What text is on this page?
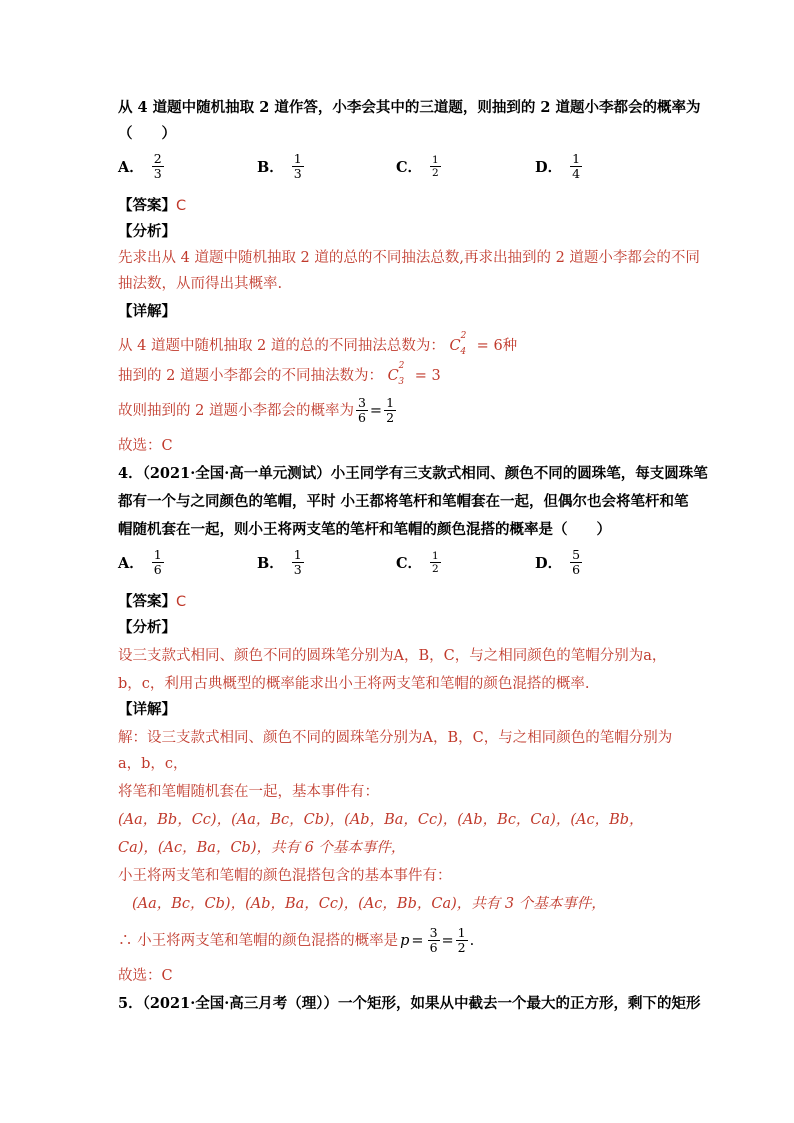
从 4 道题中随机抽取 2 道作答，小李会其中的三道题，则抽到的 2 道题小李都会的概率为
（　　）
A． $\frac{2}{3}$	B． $\frac{1}{3}$	C． $\frac{1}{2}$	D． $\frac{1}{4}$
【答案】C
【分析】
先求出从 4 道题中随机抽取 2 道的总的不同抽法总数,再求出抽到的 2 道题小李都会的不同
抽法数，从而得出其概率.
【详解】
从 4 道题中随机抽取 2 道的总的不同抽法总数为： $C^2_4 = 6$种
抽到的 2 道题小李都会的不同抽法数为： $C^2_3 = 3$
故则抽到的 2 道题小李都会的概率为 $\frac{3}{6} = \frac{1}{2}$
故选：C
4．（2021·全国·高一单元测试）小王同学有三支款式相同、颜色不同的圆珠笔，每支圆珠笔
都有一个与之同颜色的笔帽，平时 小王都将笔杆和笔帽套在一起，但偶尔也会将笔杆和笔
帽随机套在一起，则小王将两支笔的笔杆和笔帽的颜色混搭的概率是（　　）
A． $\frac{1}{6}$	B． $\frac{1}{3}$	C． $\frac{1}{2}$	D． $\frac{5}{6}$
【答案】C
【分析】
设三支款式相同、颜色不同的圆珠笔分别为A，B，C，与之相同颜色的笔帽分别为a，
b，c，利用古典概型的概率能求出小王将两支笔和笔帽的颜色混搭的概率.
【详解】
解：设三支款式相同、颜色不同的圆珠笔分别为A，B，C，与之相同颜色的笔帽分别为
a，b，c，
将笔和笔帽随机套在一起，基本事件有：
(Aa，Bb，Cc)，(Aa，Bc，Cb)，(Ab，Ba，Cc)，(Ab，Bc，Ca)，(Ac，Bb，
Ca)，(Ac，Ba，Cb)，共有 6 个基本事件，
小王将两支笔和笔帽的颜色混搭包含的基本事件有：
(Aa，Bc，Cb)，(Ab，Ba，Cc)，(Ac，Bb，Ca)，共有 3 个基本事件，
∴ 小王将两支笔和笔帽的颜色混搭的概率是 $p = \frac{3}{6} = \frac{1}{2}$ .
故选：C
5．（2021·全国·高三月考（理））一个矩形，如果从中截去一个最大的正方形，剩下的矩形
